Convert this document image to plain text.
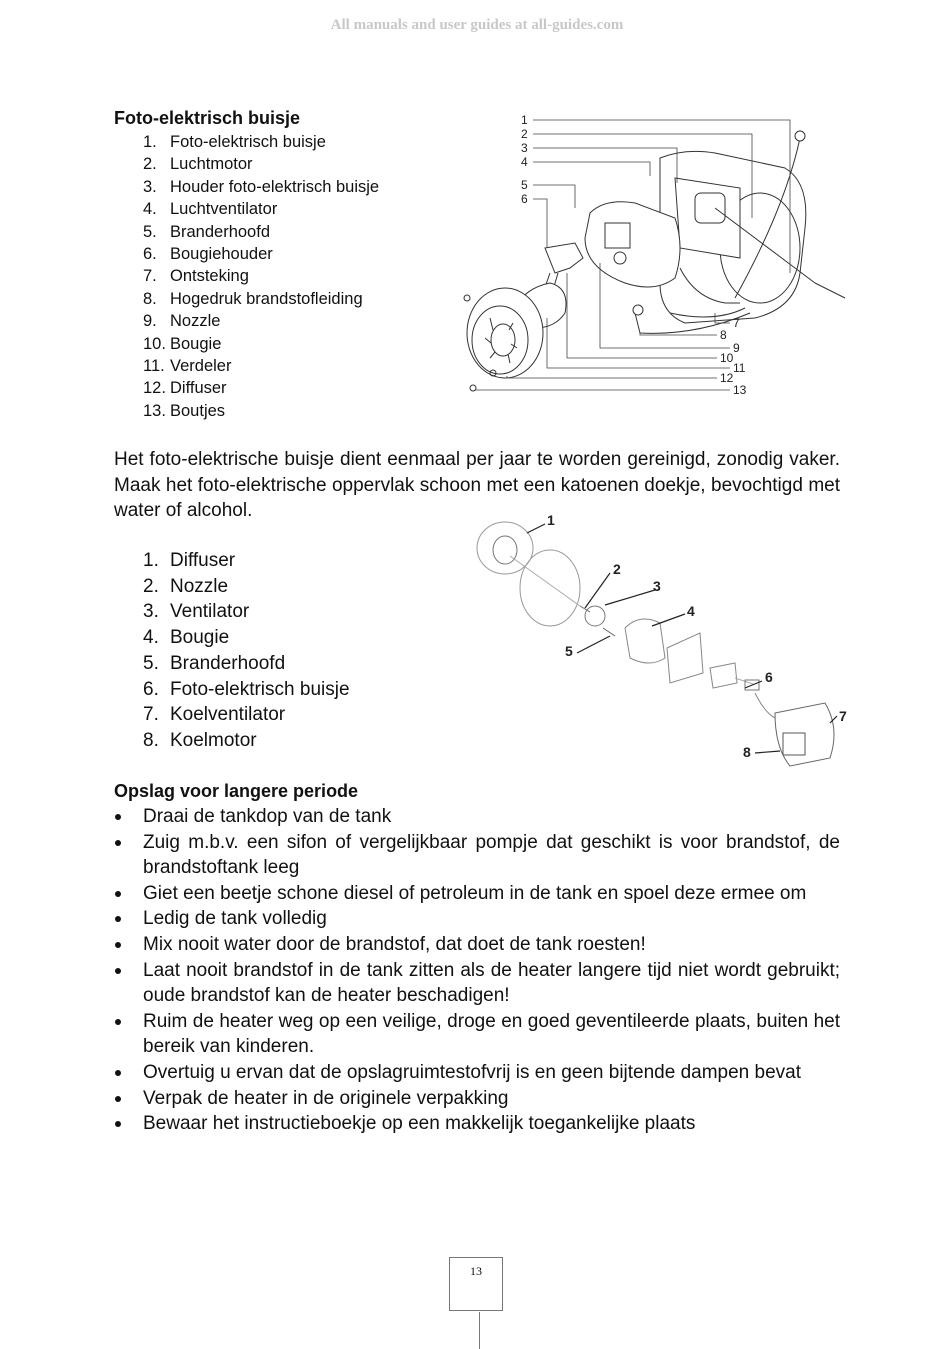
All manuals and user guides at all-guides.com
Foto-elektrisch buisje
1. Foto-elektrisch buisje
2. Luchtmotor
3. Houder foto-elektrisch buisje
4. Luchtventilator
5. Branderhoofd
6. Bougiehouder
7. Ontsteking
8. Hogedruk brandstofleiding
9. Nozzle
10. Bougie
11. Verdeler
12. Diffuser
13. Boutjes
1
2
3
4
5
6
7
8
9
10
11
12
13
Het foto-elektrische buisje dient eenmaal per jaar te worden gereinigd, zonodig vaker. Maak het foto-elektrische oppervlak schoon met een katoenen doekje, bevochtigd met water of alcohol.
1. Diffuser
2. Nozzle
3. Ventilator
4. Bougie
5. Branderhoofd
6. Foto-elektrisch buisje
7. Koelventilator
8. Koelmotor
1
2
3
4
5
6
7
8
Opslag voor langere periode
Draai de tankdop van de tank
Zuig m.b.v. een sifon of vergelijkbaar pompje dat geschikt is voor brandstof, de brandstoftank leeg
Giet een beetje schone diesel of petroleum in de tank en spoel deze ermee om
Ledig de tank volledig
Mix nooit water door de brandstof, dat doet de tank roesten!
Laat nooit brandstof in de tank zitten als de heater langere tijd niet wordt gebruikt; oude brandstof kan de heater beschadigen!
Ruim de heater weg op een veilige, droge en goed geventileerde plaats, buiten het bereik van kinderen.
Overtuig u ervan dat de opslagruimtestofvrij is en geen bijtende dampen bevat
Verpak de heater in de originele verpakking
Bewaar het instructieboekje op een makkelijk toegankelijke plaats
13
